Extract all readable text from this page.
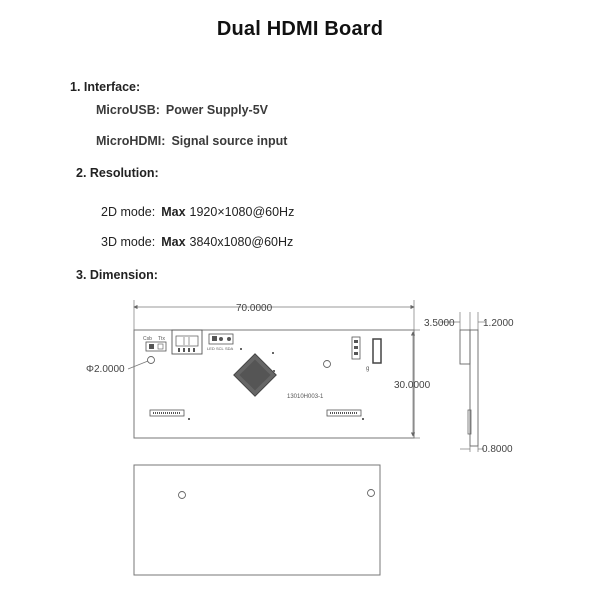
Dual HDMI Board
1. Interface:
MicroUSB: Power Supply-5V
MicroHDMI: Signal source input
2. Resolution:
2D mode: Max 1920×1080@60Hz
3D mode: Max 3840x1080@60Hz
3. Dimension:
70.0000
30.0000
Φ2.0000
Csb Ttx
LED SCL SDA
g
13010H003-1
3.5000	1.2000
0.8000
